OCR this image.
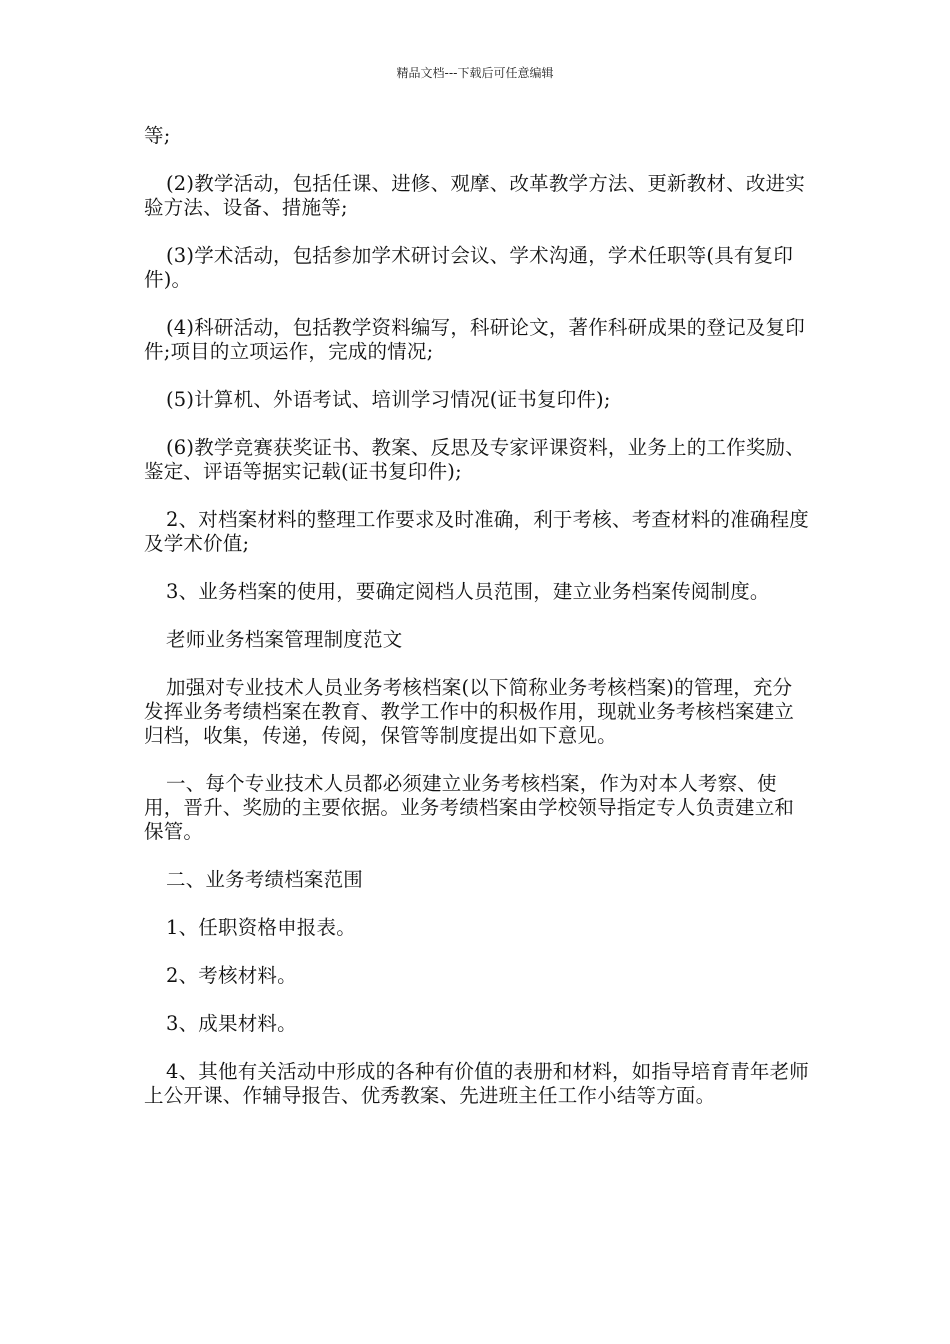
精品文档---下载后可任意编辑

等;

(2)教学活动，包括任课、进修、观摩、改革教学方法、更新教材、改进实验方法、设备、措施等;

(3)学术活动，包括参加学术研讨会议、学术沟通，学术任职等(具有复印件)。

(4)科研活动，包括教学资料编写，科研论文，著作科研成果的登记及复印件;项目的立项运作，完成的情况;

(5)计算机、外语考试、培训学习情况(证书复印件);

(6)教学竞赛获奖证书、教案、反思及专家评课资料，业务上的工作奖励、鉴定、评语等据实记载(证书复印件);

2、对档案材料的整理工作要求及时准确，利于考核、考查材料的准确程度及学术价值;

3、业务档案的使用，要确定阅档人员范围，建立业务档案传阅制度。

老师业务档案管理制度范文

加强对专业技术人员业务考核档案(以下简称业务考核档案)的管理，充分发挥业务考绩档案在教育、教学工作中的积极作用，现就业务考核档案建立归档，收集，传递，传阅，保管等制度提出如下意见。

一、每个专业技术人员都必须建立业务考核档案，作为对本人考察、使用，晋升、奖励的主要依据。业务考绩档案由学校领导指定专人负责建立和保管。

二、业务考绩档案范围

1、任职资格申报表。

2、考核材料。

3、成果材料。

4、其他有关活动中形成的各种有价值的表册和材料，如指导培育青年老师上公开课、作辅导报告、优秀教案、先进班主任工作小结等方面。
